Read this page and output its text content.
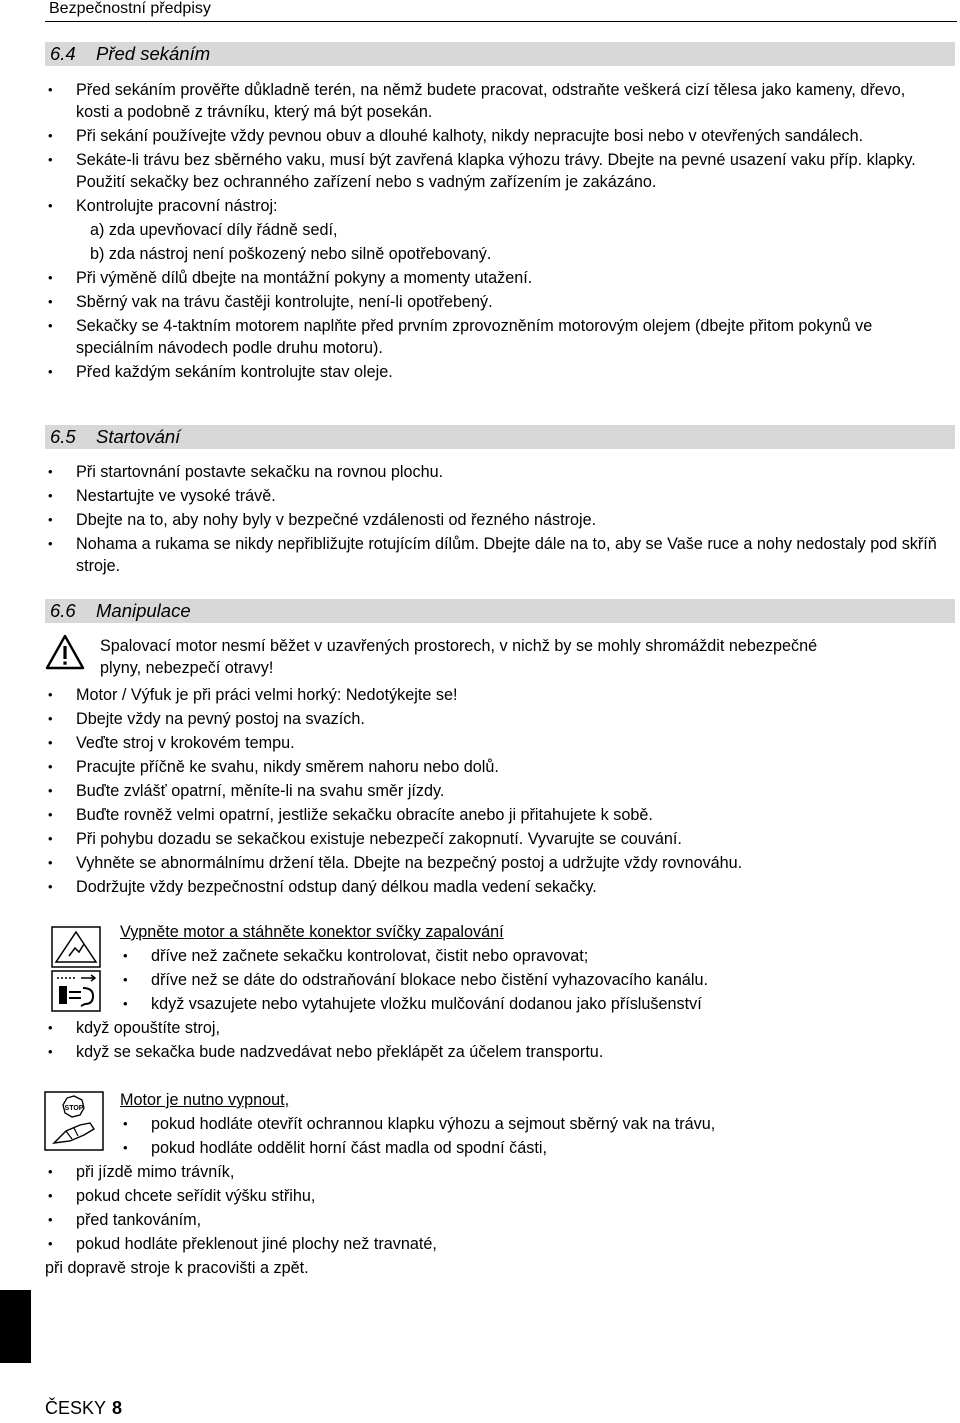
Bezpečnostní předpisy
6.4 Před sekáním
• Před sekáním prověřte důkladně terén, na němž budete pracovat, odstraňte veškerá cizí tělesa jako kameny, dřevo, kosti a podobně z trávníku, který má být posekán.
• Při sekání používejte vždy pevnou obuv a dlouhé kalhoty, nikdy nepracujte bosi nebo v otevřených sandálech.
• Sekáte-li trávu bez sběrného vaku, musí být zavřená klapka výhozu trávy. Dbejte na pevné usazení vaku příp. klapky. Použití sekačky bez ochranného zařízení nebo s vadným zařízením je zakázáno.
• Kontrolujte pracovní nástroj:
a) zda upevňovací díly řádně sedí,
b) zda nástroj není poškozený nebo silně opotřebovaný.
• Při výměně dílů dbejte na montážní pokyny a momenty utažení.
• Sběrný vak na trávu častěji kontrolujte, není-li opotřebený.
• Sekačky se 4-taktním motorem naplňte před prvním zprovozněním motorovým olejem (dbejte přitom pokynů ve speciálním návodech podle druhu motoru).
• Před každým sekáním kontrolujte stav oleje.
6.5 Startování
• Při startovnání postavte sekačku na rovnou plochu.
• Nestartujte ve vysoké trávě.
• Dbejte na to, aby nohy byly v bezpečné vzdálenosti od řezného nástroje.
• Nohama a rukama se nikdy nepřibližujte rotujícím dílům. Dbejte dále na to, aby se Vaše ruce a nohy nedostaly pod skříň stroje.
6.6 Manipulace
Spalovací motor nesmí běžet v uzavřených prostorech, v nichž by se mohly shromáždit nebezpečné plyny, nebezpečí otravy!
• Motor / Výfuk je při práci velmi horký: Nedotýkejte se!
• Dbejte vždy na pevný postoj na svazích.
• Veďte stroj v krokovém tempu.
• Pracujte příčně ke svahu, nikdy směrem nahoru nebo dolů.
• Buďte zvlášť opatrní, měníte-li na svahu směr jízdy.
• Buďte rovněž velmi opatrní, jestliže sekačku obracíte anebo ji přitahujete k sobě.
• Při pohybu dozadu se sekačkou existuje nebezpečí zakopnutí. Vyvarujte se couvání.
• Vyhněte se abnormálnímu držení těla. Dbejte na bezpečný postoj a udržujte vždy rovnováhu.
• Dodržujte vždy bezpečnostní odstup daný délkou madla vedení sekačky.
Vypněte motor a stáhněte konektor svíčky zapalování
• dříve než začnete sekačku kontrolovat, čistit nebo opravovat;
• dříve než se dáte do odstraňování blokace nebo čistění vyhazovacího kanálu.
• když vsazujete nebo vytahujete vložku mulčování dodanou jako příslušenství
• když opouštíte stroj,
• když se sekačka bude nadzvedávat nebo překlápět za účelem transportu.
STOP Motor je nutno vypnout,
• pokud hodláte otevřít ochrannou klapku výhozu a sejmout sběrný vak na trávu,
• pokud hodláte oddělit horní část madla od spodní části,
• při jízdě mimo trávník,
• pokud chcete seřídit výšku střihu,
• před tankováním,
• pokud hodláte překlenout jiné plochy než travnaté,
při dopravě stroje k pracovišti a zpět.
ČESKY 8
